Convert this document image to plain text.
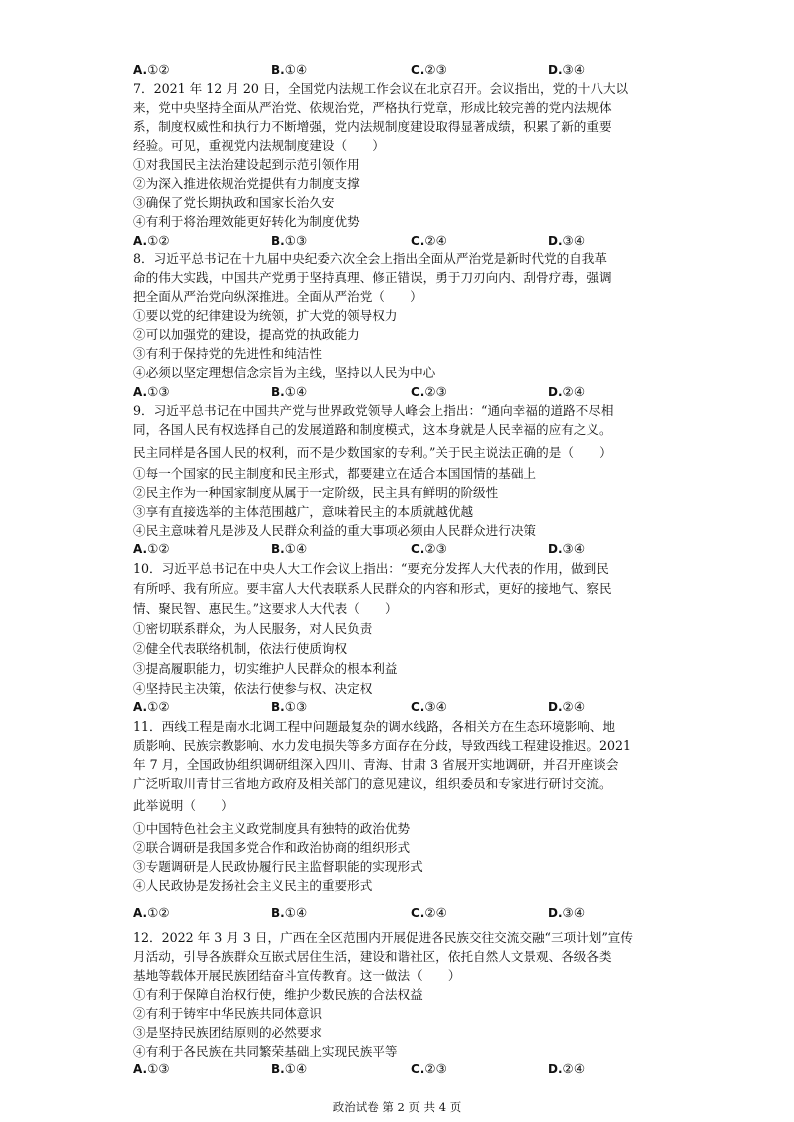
A.①②	B.①④	C.②③	D.③④
7．2021 年 12 月 20 日，全国党内法规工作会议在北京召开。会议指出，党的十八大以
来，党中央坚持全面从严治党、依规治党，严格执行党章，形成比较完善的党内法规体
系，制度权威性和执行力不断增强，党内法规制度建设取得显著成绩，积累了新的重要
经验。可见，重视党内法规制度建设（　　）
①对我国民主法治建设起到示范引领作用
②为深入推进依规治党提供有力制度支撑
③确保了党长期执政和国家长治久安
④有利于将治理效能更好转化为制度优势
A.①②	B.①③	C.②④	D.③④
8．习近平总书记在十九届中央纪委六次全会上指出全面从严治党是新时代党的自我革
命的伟大实践，中国共产党勇于坚持真理、修正错误，勇于刀刃向内、刮骨疗毒，强调
把全面从严治党向纵深推进。全面从严治党（　　）
①要以党的纪律建设为统领，扩大党的领导权力
②可以加强党的建设，提高党的执政能力
③有利于保持党的先进性和纯洁性
④必须以坚定理想信念宗旨为主线，坚持以人民为中心
A.①③	B.①④	C.②③	D.②④
9．习近平总书记在中国共产党与世界政党领导人峰会上指出：“通向幸福的道路不尽相
同，各国人民有权选择自己的发展道路和制度模式，这本身就是人民幸福的应有之义。
民主同样是各国人民的权利，而不是少数国家的专利。”关于民主说法正确的是（　　）
①每一个国家的民主制度和民主形式，都要建立在适合本国国情的基础上
②民主作为一种国家制度从属于一定阶级，民主具有鲜明的阶级性
③享有直接选举的主体范围越广，意味着民主的本质就越优越
④民主意味着凡是涉及人民群众利益的重大事项必须由人民群众进行决策
A.①②	B.①④	C.②③	D.③④
10．习近平总书记在中央人大工作会议上指出：“要充分发挥人大代表的作用，做到民
有所呼、我有所应。要丰富人大代表联系人民群众的内容和形式，更好的接地气、察民
情、聚民智、惠民生。”这要求人大代表（　　）
①密切联系群众，为人民服务，对人民负责
②健全代表联络机制，依法行使质询权
③提高履职能力，切实维护人民群众的根本利益
④坚持民主决策，依法行使参与权、决定权
A.①②	B.①③	C.③④	D.②④
11．西线工程是南水北调工程中问题最复杂的调水线路，各相关方在生态环境影响、地
质影响、民族宗教影响、水力发电损失等多方面存在分歧，导致西线工程建设推迟。2021
年 7 月，全国政协组织调研组深入四川、青海、甘肃 3 省展开实地调研，并召开座谈会
广泛听取川青甘三省地方政府及相关部门的意见建议，组织委员和专家进行研讨交流。
此举说明（　　）
①中国特色社会主义政党制度具有独特的政治优势
②联合调研是我国多党合作和政治协商的组织形式
③专题调研是人民政协履行民主监督职能的实现形式
④人民政协是发扬社会主义民主的重要形式
A.①②	B.①④	C.②④	D.③④
12．2022 年 3 月 3 日，广西在全区范围内开展促进各民族交往交流交融“三项计划”宣传
月活动，引导各族群众互嵌式居住生活，建设和谐社区，依托自然人文景观、各级各类
基地等载体开展民族团结奋斗宣传教育。这一做法（　　）
①有利于保障自治权行使，维护少数民族的合法权益
②有利于铸牢中华民族共同体意识
③是坚持民族团结原则的必然要求
④有利于各民族在共同繁荣基础上实现民族平等
A.①③	B.①④	C.②③	D.②④
政治试卷 第 2 页 共 4 页
